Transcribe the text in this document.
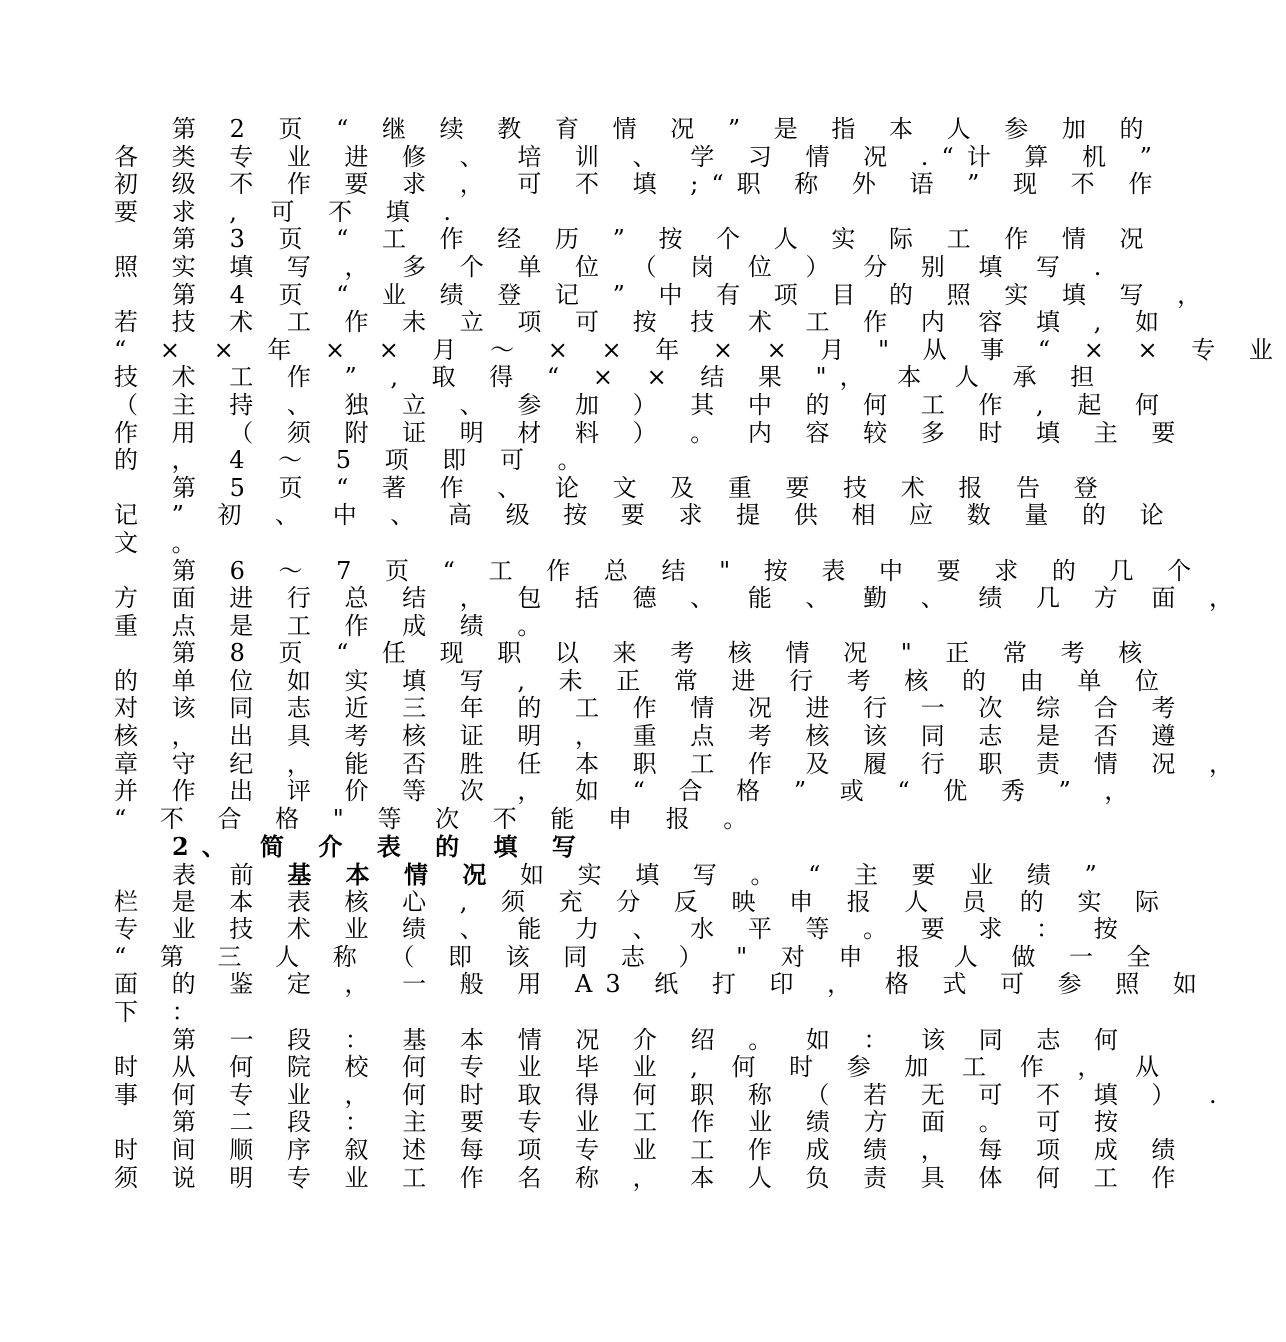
第 2 页 “ 继 续 教 育 情 况 ” 是 指 本 人 参 加 的
各 类 专 业 进 修 、 培 训 、 学 习 情 况 .“计 算 机 ”
初 级 不 作 要 求 ， 可 不 填 ;“职 称 外 语 ” 现 不 作
要 求 , 可 不 填 .
第 3 页 “ 工 作 经 历 ” 按 个 人 实 际 工 作 情 况
照 实 填 写 ， 多 个 单 位 （ 岗 位 ） 分 别 填 写 .
第 4 页 “ 业 绩 登 记 ” 中 有 项 目 的 照 实 填 写 ，
若 技 术 工 作 未 立 项 可 按 技 术 工 作 内 容 填 , 如
“ × × 年 × × 月 ～ × × 年 × × 月 " 从 事 “ × × 专 业
技 术 工 作 ” , 取 得 “ × × 结 果 "， 本 人 承 担
（ 主 持 、 独 立 、 参 加 ） 其 中 的 何 工 作 , 起 何
作 用 （ 须 附 证 明 材 料 ） 。 内 容 较 多 时 填 主 要
的 ， 4 ～ 5 项 即 可 。
第 5 页 “ 著 作 、 论 文 及 重 要 技 术 报 告 登
记 ” 初 、 中 、 高 级 按 要 求 提 供 相 应 数 量 的 论
文 。
第 6 ～ 7 页 “ 工 作 总 结 " 按 表 中 要 求 的 几 个
方 面 进 行 总 结 ， 包 括 德 、 能 、 勤 、 绩 几 方 面 ，
重 点 是 工 作 成 绩 。
第 8 页 “ 任 现 职 以 来 考 核 情 况 " 正 常 考 核
的 单 位 如 实 填 写 , 未 正 常 进 行 考 核 的 由 单 位
对 该 同 志 近 三 年 的 工 作 情 况 进 行 一 次 综 合 考
核 ， 出 具 考 核 证 明 ， 重 点 考 核 该 同 志 是 否 遵
章 守 纪 ， 能 否 胜 任 本 职 工 作 及 履 行 职 责 情 况 ，
并 作 出 评 价 等 次 ， 如 “ 合 格 ” 或 “ 优 秀 ” ，
“ 不 合 格 " 等 次 不 能 申 报 。
2、 简 介 表 的 填 写
表 前 基 本 情 况 如 实 填 写 。 “ 主 要 业 绩 ”
栏 是 本 表 核 心 , 须 充 分 反 映 申 报 人 员 的 实 际
专 业 技 术 业 绩 、 能 力 、 水 平 等 。 要 求 ： 按
“ 第 三 人 称 （ 即 该 同 志 ） " 对 申 报 人 做 一 全
面 的 鉴 定 ， 一 般 用 A3 纸 打 印 ， 格 式 可 参 照 如
下 ：
第 一 段 ： 基 本 情 况 介 绍 。 如 ： 该 同 志 何
时 从 何 院 校 何 专 业 毕 业 , 何 时 参 加 工 作 ， 从
事 何 专 业 ， 何 时 取 得 何 职 称 （ 若 无 可 不 填 ） .
第 二 段 ： 主 要 专 业 工 作 业 绩 方 面 。 可 按
时 间 顺 序 叙 述 每 项 专 业 工 作 成 绩 ， 每 项 成 绩
须 说 明 专 业 工 作 名 称 ， 本 人 负 责 具 体 何 工 作
